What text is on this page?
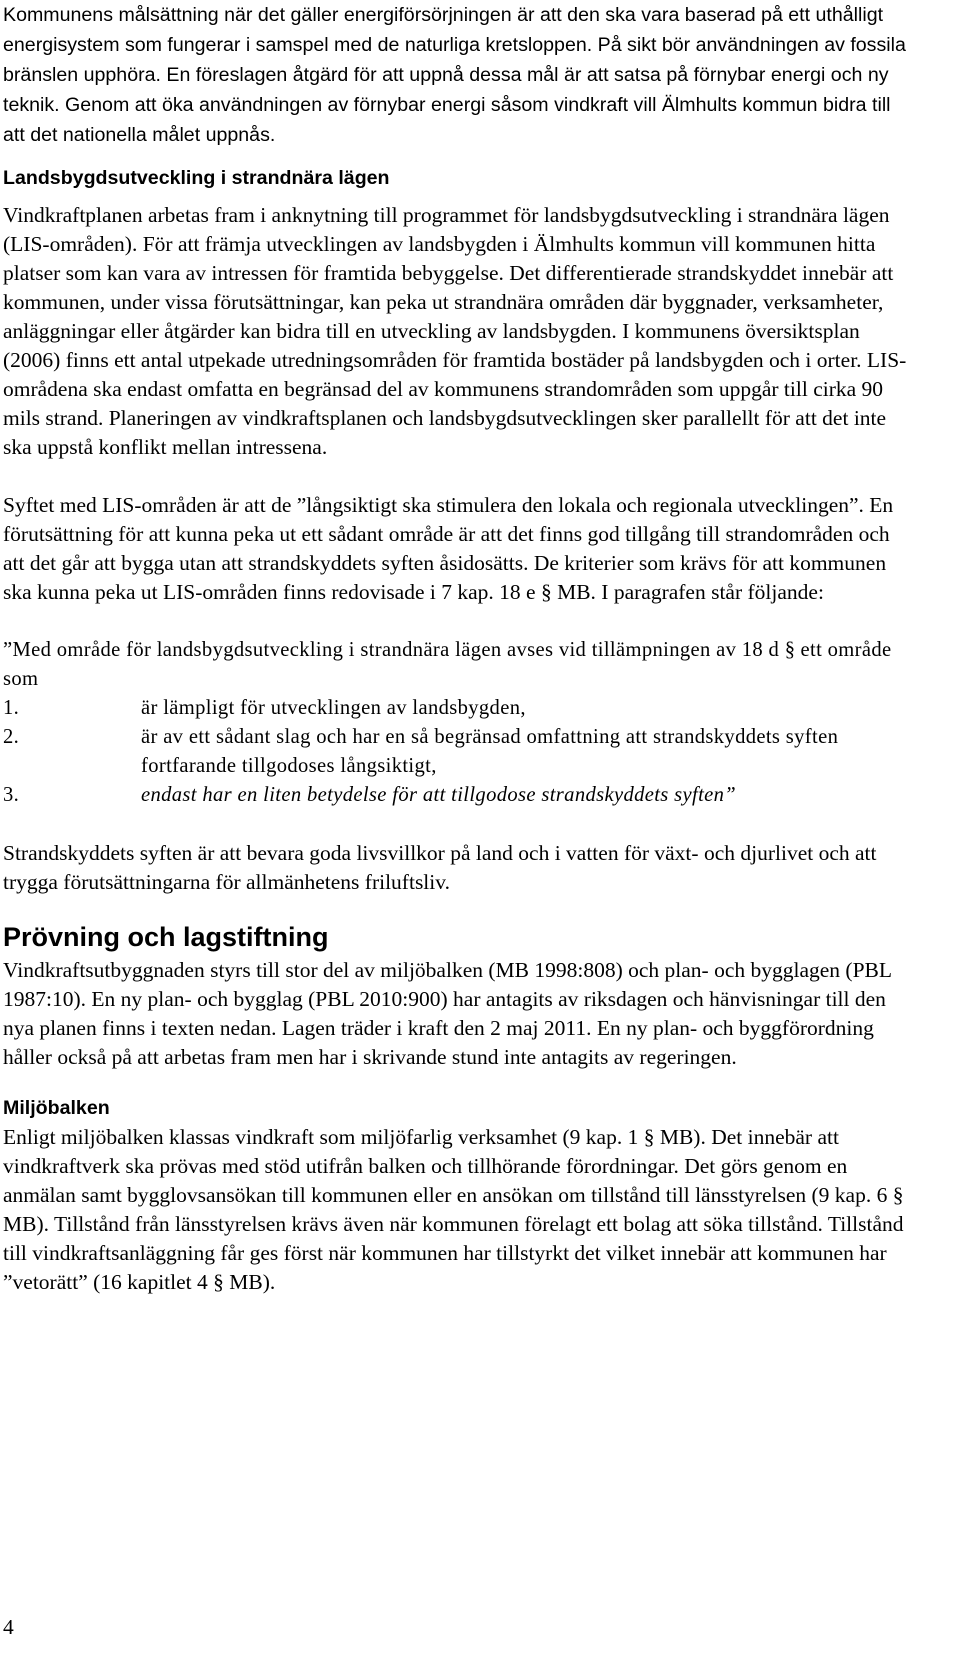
Kommunens målsättning när det gäller energiförsörjningen är att den ska vara baserad på ett uthålligt energisystem som fungerar i samspel med de naturliga kretsloppen. På sikt bör användningen av fossila bränslen upphöra. En föreslagen åtgärd för att uppnå dessa mål är att satsa på förnybar energi och ny teknik. Genom att öka användningen av förnybar energi såsom vindkraft vill Älmhults kommun bidra till att det nationella målet uppnås.

Landsbygdsutveckling i strandnära lägen

Vindkraftplanen arbetas fram i anknytning till programmet för landsbygdsutveckling i strandnära lägen (LIS-områden). För att främja utvecklingen av landsbygden i Älmhults kommun vill kommunen hitta platser som kan vara av intressen för framtida bebyggelse. Det differentierade strandskyddet innebär att kommunen, under vissa förutsättningar, kan peka ut strandnära områden där byggnader, verksamheter, anläggningar eller åtgärder kan bidra till en utveckling av landsbygden. I kommunens översiktsplan (2006) finns ett antal utpekade utredningsområden för framtida bostäder på landsbygden och i orter. LIS-områdena ska endast omfatta en begränsad del av kommunens strandområden som uppgår till cirka 90 mils strand. Planeringen av vindkraftsplanen och landsbygdsutvecklingen sker parallellt för att det inte ska uppstå konflikt mellan intressena.

Syftet med LIS-områden är att de ”långsiktigt ska stimulera den lokala och regionala utvecklingen”. En förutsättning för att kunna peka ut ett sådant område är att det finns god tillgång till strandområden och att det går att bygga utan att strandskyddets syften åsidosätts. De kriterier som krävs för att kommunen ska kunna peka ut LIS-områden finns redovisade i 7 kap. 18 e § MB. I paragrafen står följande:

”Med område för landsbygdsutveckling i strandnära lägen avses vid tillämpningen av 18 d § ett område som

1.	är lämpligt för utvecklingen av landsbygden,
2.	är av ett sådant slag och har en så begränsad omfattning att strandskyddets syften fortfarande tillgodoses långsiktigt,
3.	endast har en liten betydelse för att tillgodose strandskyddets syften”

Strandskyddets syften är att bevara goda livsvillkor på land och i vatten för växt- och djurlivet och att trygga förutsättningarna för allmänhetens friluftsliv.

Prövning och lagstiftning

Vindkraftsutbyggnaden styrs till stor del av miljöbalken (MB 1998:808) och plan- och bygglagen (PBL 1987:10). En ny plan- och bygglag (PBL 2010:900) har antagits av riksdagen och hänvisningar till den nya planen finns i texten nedan. Lagen träder i kraft den 2 maj 2011. En ny plan- och byggförordning håller också på att arbetas fram men har i skrivande stund inte antagits av regeringen.

Miljöbalken

Enligt miljöbalken klassas vindkraft som miljöfarlig verksamhet (9 kap. 1 § MB). Det innebär att vindkraftverk ska prövas med stöd utifrån balken och tillhörande förordningar. Det görs genom en anmälan samt bygglovsansökan till kommunen eller en ansökan om tillstånd till länsstyrelsen (9 kap. 6 § MB). Tillstånd från länsstyrelsen krävs även när kommunen förelagt ett bolag att söka tillstånd. Tillstånd till vindkraftsanläggning får ges först när kommunen har tillstyrkt det vilket innebär att kommunen har ”vetorätt” (16 kapitlet 4 § MB).

4
